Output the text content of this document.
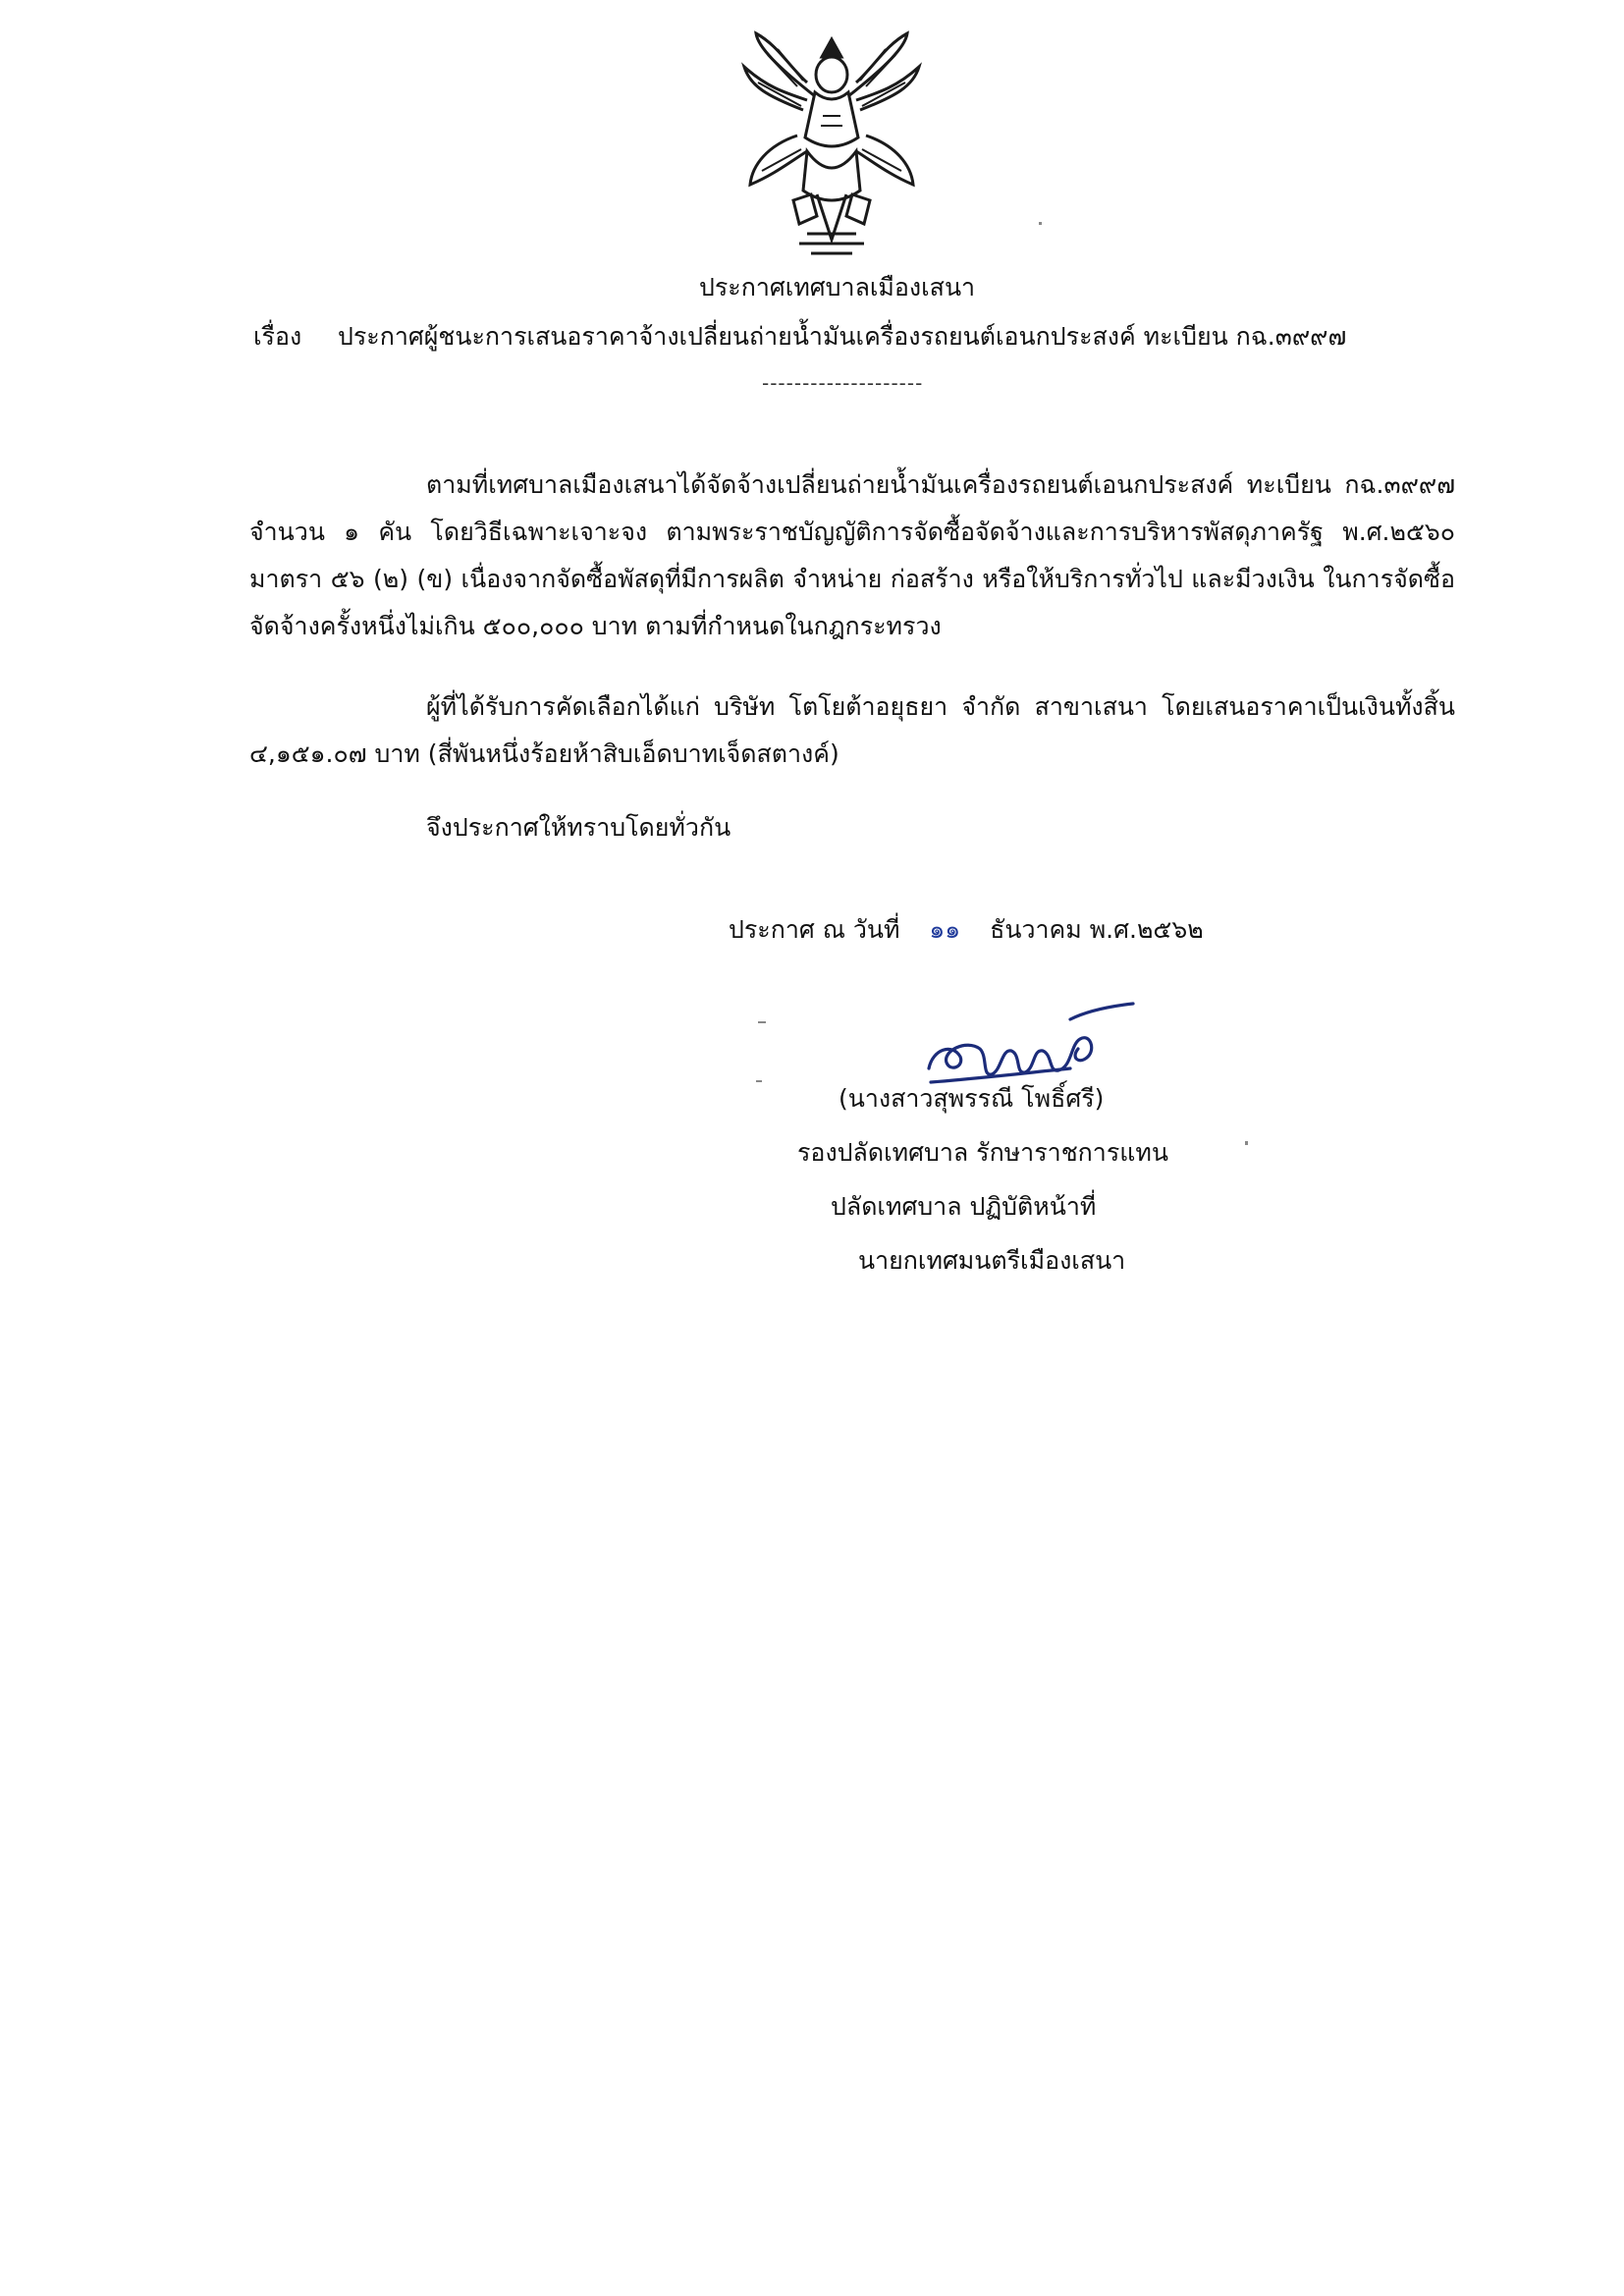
ประกาศเทศบาลเมืองเสนา
เรื่อง ประกาศผู้ชนะการเสนอราคาจ้างเปลี่ยนถ่ายน้ำมันเครื่องรถยนต์เอนกประสงค์ ทะเบียน กฉ.๓๙๙๗
--------------------
ตามที่เทศบาลเมืองเสนาได้จัดจ้างเปลี่ยนถ่ายน้ำมันเครื่องรถยนต์เอนกประสงค์ ทะเบียน กฉ.๓๙๙๗ จำนวน ๑ คัน โดยวิธีเฉพาะเจาะจง ตามพระราชบัญญัติการจัดซื้อจัดจ้างและการบริหารพัสดุภาครัฐ พ.ศ.๒๕๖๐ มาตรา ๕๖ (๒) (ข) เนื่องจากจัดซื้อพัสดุที่มีการผลิต จำหน่าย ก่อสร้าง หรือให้บริการทั่วไป และมีวงเงิน ในการจัดซื้อจัดจ้างครั้งหนึ่งไม่เกิน ๕๐๐,๐๐๐ บาท ตามที่กำหนดในกฎกระทรวง
ผู้ที่ได้รับการคัดเลือกได้แก่ บริษัท โตโยต้าอยุธยา จำกัด สาขาเสนา โดยเสนอราคาเป็นเงินทั้งสิ้น ๔,๑๕๑.๐๗ บาท (สี่พันหนึ่งร้อยห้าสิบเอ็ดบาทเจ็ดสตางค์)
จึงประกาศให้ทราบโดยทั่วกัน
ประกาศ ณ วันที่ ๑๑ ธันวาคม พ.ศ.๒๕๖๒
(นางสาวสุพรรณี โพธิ์ศรี)
รองปลัดเทศบาล รักษาราชการแทน
ปลัดเทศบาล ปฏิบัติหน้าที่
นายกเทศมนตรีเมืองเสนา
